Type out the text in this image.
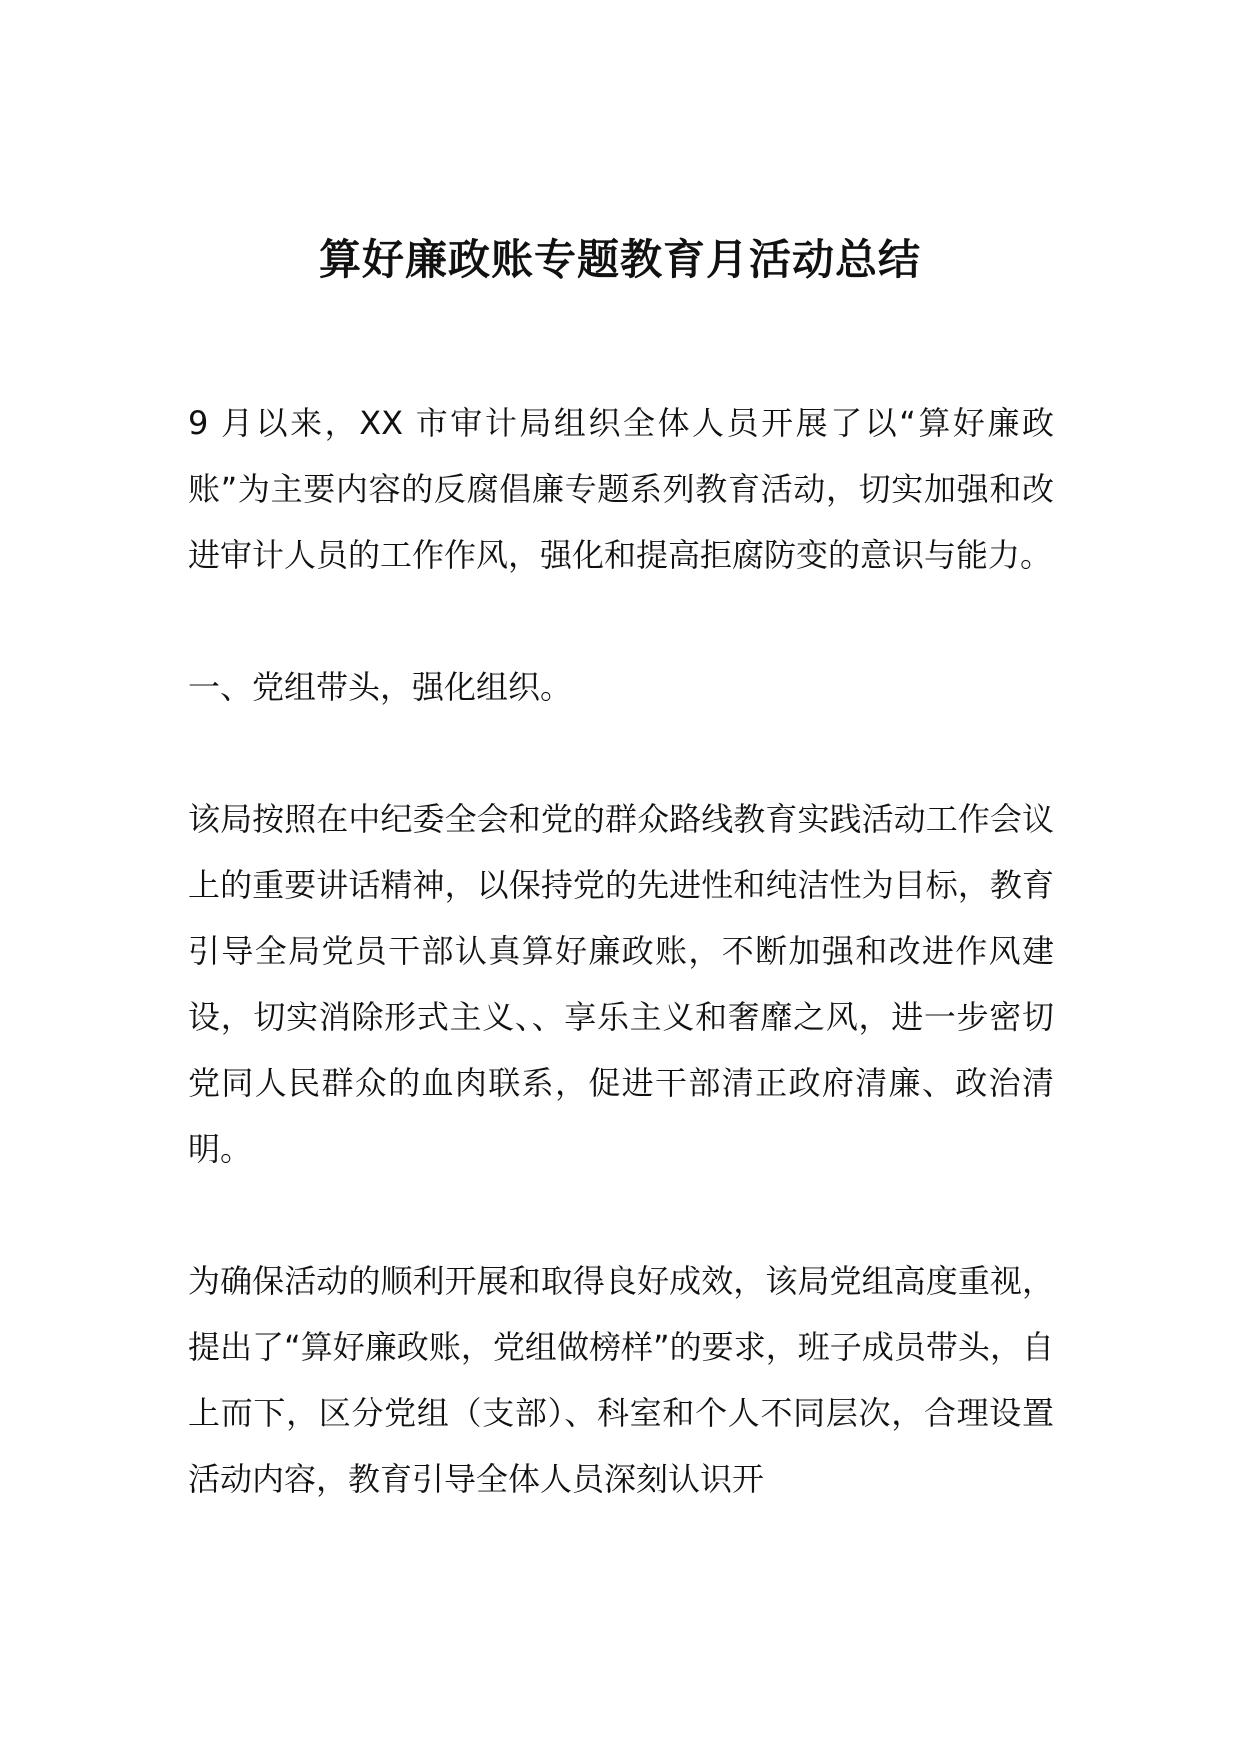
算好廉政账专题教育月活动总结

9 月以来，XX 市审计局组织全体人员开展了以“算好廉政账”为主要内容的反腐倡廉专题系列教育活动，切实加强和改进审计人员的工作作风，强化和提高拒腐防变的意识与能力。

一、党组带头，强化组织。

该局按照在中纪委全会和党的群众路线教育实践活动工作会议上的重要讲话精神，以保持党的先进性和纯洁性为目标，教育引导全局党员干部认真算好廉政账，不断加强和改进作风建设，切实消除形式主义、、享乐主义和奢靡之风，进一步密切党同人民群众的血肉联系，促进干部清正政府清廉、政治清明。

为确保活动的顺利开展和取得良好成效，该局党组高度重视，提出了“算好廉政账，党组做榜样”的要求，班子成员带头，自上而下，区分党组（支部）、科室和个人不同层次，合理设置活动内容，教育引导全体人员深刻认识开
